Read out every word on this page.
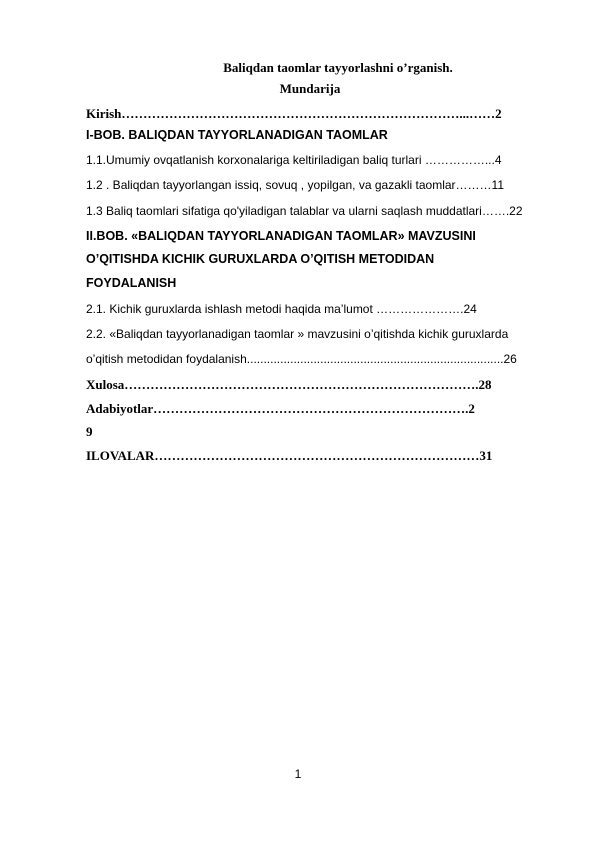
Baliqdan taomlar tayyorlashni o’rganish.
Mundarija
Kirish……………………………………………………………………...……2
I-BOB. BALIQDAN TAYYORLANADIGAN TAOMLAR
1.1.Umumiy ovqatlanish korxonalariga keltiriladigan baliq turlari ……………...4
1.2 . Baliqdan tayyorlangan issiq, sovuq , yopilgan, va gazakli taomlar………11
1.3 Baliq taomlari sifatiga qo'yiladigan talablar va ularni saqlash muddatlari…….22
II.BOB. «BALIQDAN TAYYORLANADIGAN TAOMLAR» MAVZUSINI
O’QITISHDA KICHIK GURUXLARDA O’QITISH METODIDAN
FOYDALANISH
2.1. Kichik guruxlarda ishlash metodi haqida ma’lumot ………………….24
2.2. «Baliqdan tayyorlanadigan taomlar » mavzusini o’qitishda kichik guruxlarda
o’qitish metodidan foydalanish.............................................................................26
Xulosa……………………………………………………………………….28
Adabiyotlar……………………………………………………………….2
9
ILOVALAR…………………………………………………………………31
1
